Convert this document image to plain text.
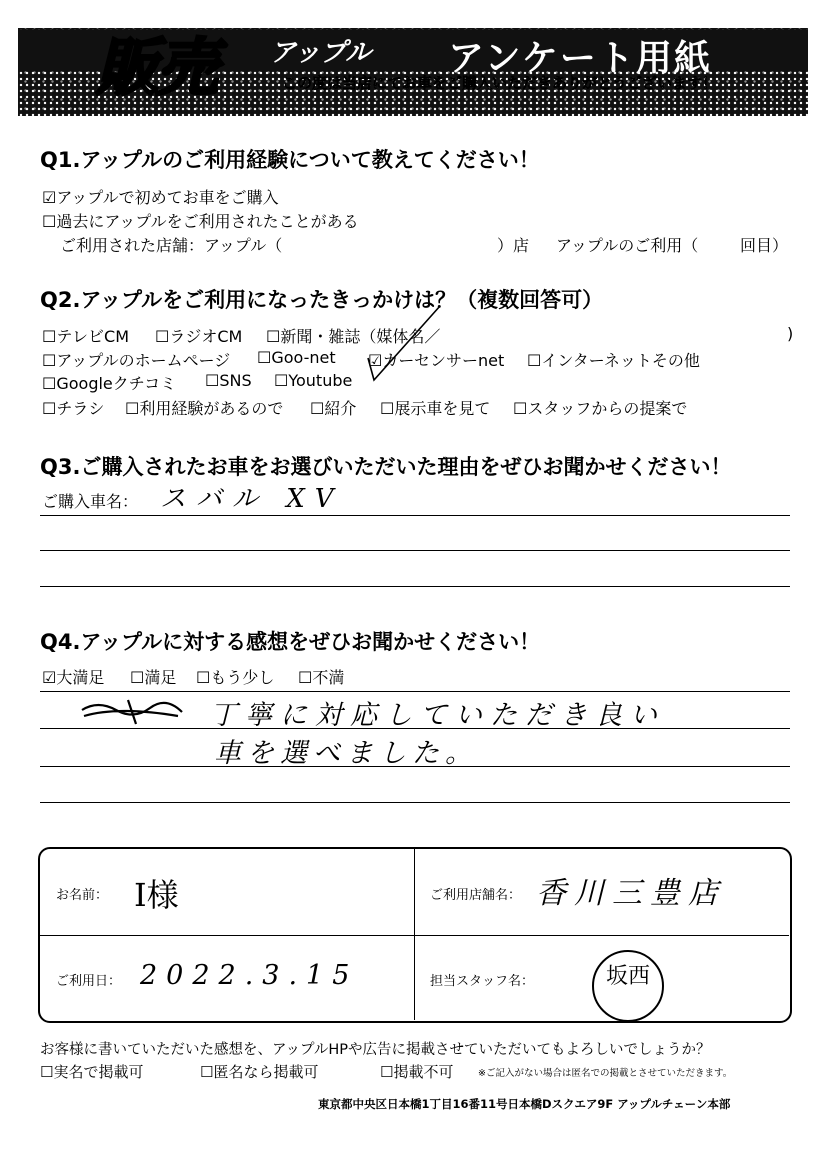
販売 アップル アンケート用紙
この度は当店にてお車をご購入いただきありがとうございます！
Q1.アップルのご利用経験について教えてください！
☑アップルで初めてお車をご購入
☐過去にアップルをご利用されたことがある
ご利用された店舗：アップル（	）店 アップルのご利用（	回目）
Q2.アップルをご利用になったきっかけは？（複数回答可）
☐テレビCM ☐ラジオCM ☐新聞・雑誌（媒体名／	)
☐アップルのホームページ ☐Goo-net ☑カーセンサーnet ☐インターネットその他
☐Googleクチコミ ☐SNS ☐Youtube
☐チラシ ☐利用経験があるので ☐紹介 ☐展示車を見て ☐スタッフからの提案で
Q3.ご購入されたお車をお選びいただいた理由をぜひお聞かせください！
ご購入車名： スバル XV
Q4.アップルに対する感想をぜひお聞かせください！
☑大満足 ☐満足 ☐もう少し ☐不満
丁寧に対応していただき良い
車を選べました。
お名前： I様	ご利用店舗名： 香川三豊店
ご利用日： 2022.3.15	担当スタッフ名：	坂西
お客様に書いていただいた感想を、アップルHPや広告に掲載させていただいてもよろしいでしょうか？
☐実名で掲載可	☐匿名なら掲載可	☐掲載不可	※ご記入がない場合は匿名での掲載とさせていただきます。
東京都中央区日本橋1丁目16番11号日本橋Dスクエア9F アップルチェーン本部
